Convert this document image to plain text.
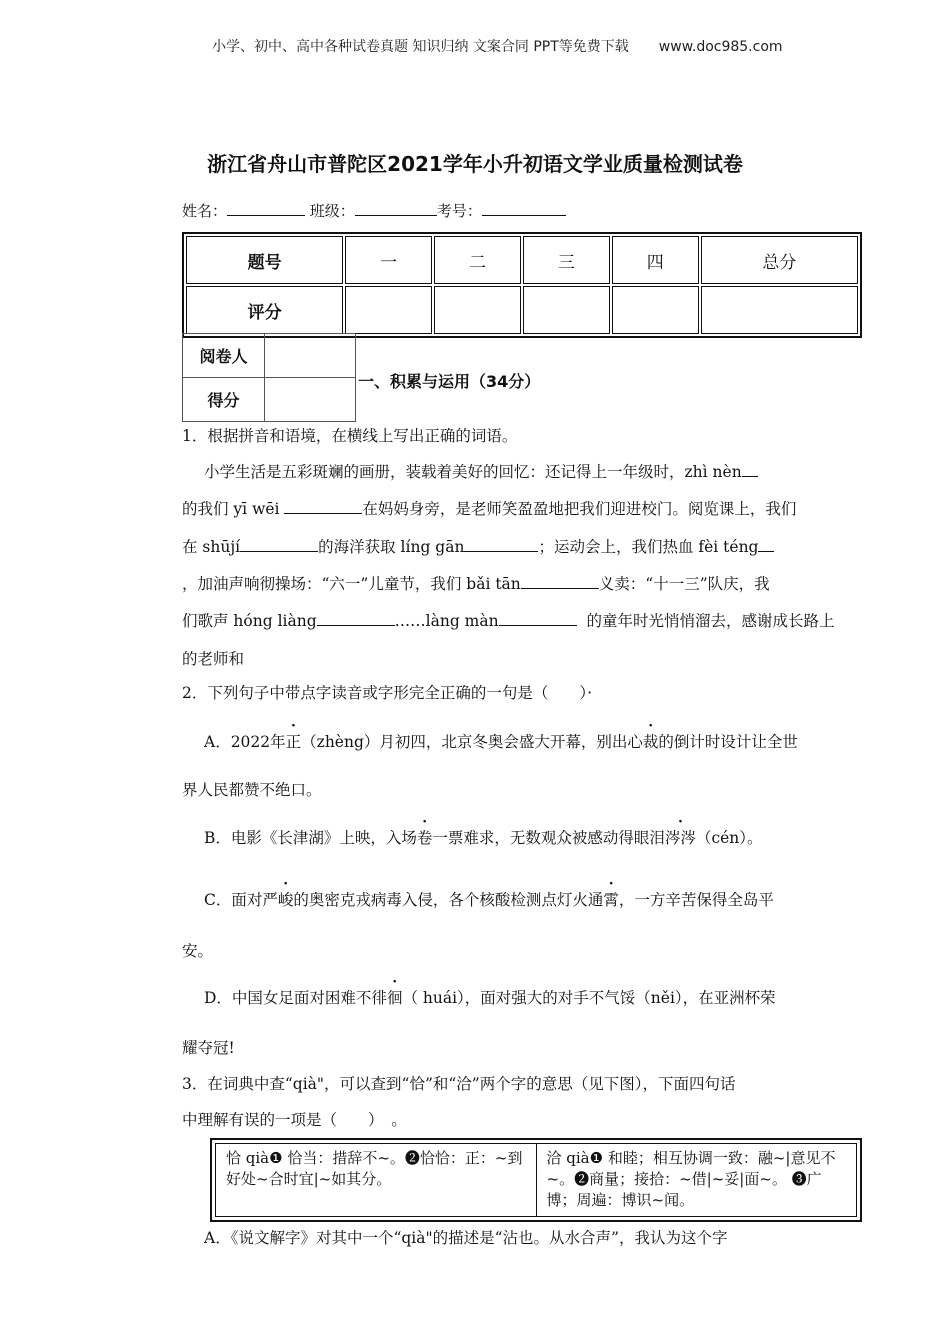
小学、初中、高中各种试卷真题 知识归纳 文案合同 PPT等免费下载 www.doc985.com
浙江省舟山市普陀区2021学年小升初语文学业质量检测试卷
姓名：	班级：	考号：
题号	一	二	三	四	总分
评分					
阅卷人	
得分	
一、积累与运用（34分）
1．根据拼音和语境，在横线上写出正确的词语。
小学生活是五彩斑斓的画册，装载着美好的回忆：还记得上一年级时，zhì nèn
的我们 yī wēi	在妈妈身旁，是老师笑盈盈地把我们迎进校门。阅览课上，我们
在 shūjí	的海洋获取 líng gān	；运动会上，我们热血 fèi téng
，加油声响彻操场：“六一”儿童节，我们 bǎi tān	义卖：“十一三”队庆，我
们歌声 hóng liàng	……làng màn	的童年时光悄悄溜去，感谢成长路上
的老师和
2．下列句子中带点字读音或字形完全正确的一句是（　　）·
A．2022年正（zhèng）月初四，北京冬奥会盛大开幕，别出心裁的倒计时设计让全世
界人民都赞不绝口。
B．电影《长津湖》上映，入场卷一票难求，无数观众被感动得眼泪涔涔（cén）。
C．面对严峻的奥密克戎病毒入侵，各个核酸检测点灯火通霄，一方辛苦保得全岛平
安。
D．中国女足面对困难不徘徊（ huái），面对强大的对手不气馁（něi），在亚洲杯荣
耀夺冠!
3．在词典中查“qià"，可以查到“恰”和“洽”两个字的意思（见下图），下面四句话
中理解有误的一项是（　　）　。
恰 qià❶ 恰当：措辞不~。❷恰恰：正：~到好处~合时宜|~如其分。
洽 qià❶ 和睦；相互协调一致：融~|意见不~。❷商量；接拾：~借|~妥|面~。 ❸广博；周遍：博识~闻。
A．《说文解字》对其中一个“qià"的描述是“沾也。从水合声”，我认为这个字
